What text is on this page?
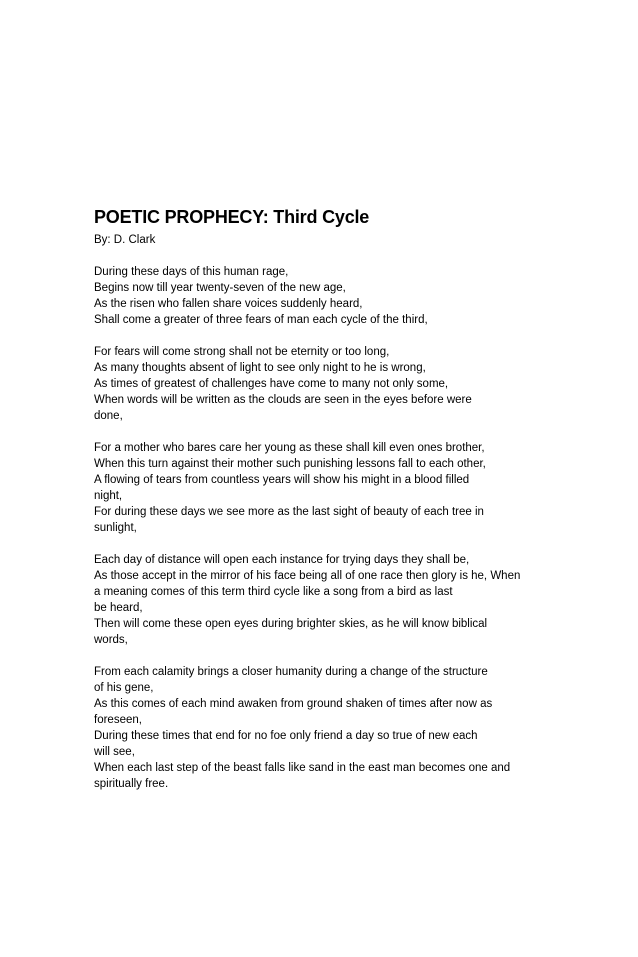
POETIC PROPHECY: Third Cycle
By: D. Clark
During these days of this human rage,
Begins now till year twenty-seven of the new age,
As the risen who fallen share voices suddenly heard,
Shall come a greater of three fears of man each cycle of the third,
For fears will come strong shall not be eternity or too long,
As many thoughts absent of light to see only night to he is wrong,
As times of greatest of challenges have come to many not only some,
When words will be written as the clouds are seen in the eyes before were
done,
For a mother who bares care her young as these shall kill even ones brother,
When this turn against their mother such punishing lessons fall to each other,
A flowing of tears from countless years will show his might in a blood filled
night,
For during these days we see more as the last sight of beauty of each tree in
sunlight,
Each day of distance will open each instance for trying days they shall be,
As those accept in the mirror of his face being all of one race then glory is he, When
a meaning comes of this term third cycle like a song from a bird as last
be heard,
Then will come these open eyes during brighter skies, as he will know biblical
words,
From each calamity brings a closer humanity during a change of the structure
of his gene,
As this comes of each mind awaken from ground shaken of times after now as
foreseen,
During these times that end for no foe only friend a day so true of new each
will see,
When each last step of the beast falls like sand in the east man becomes one and
spiritually free.
